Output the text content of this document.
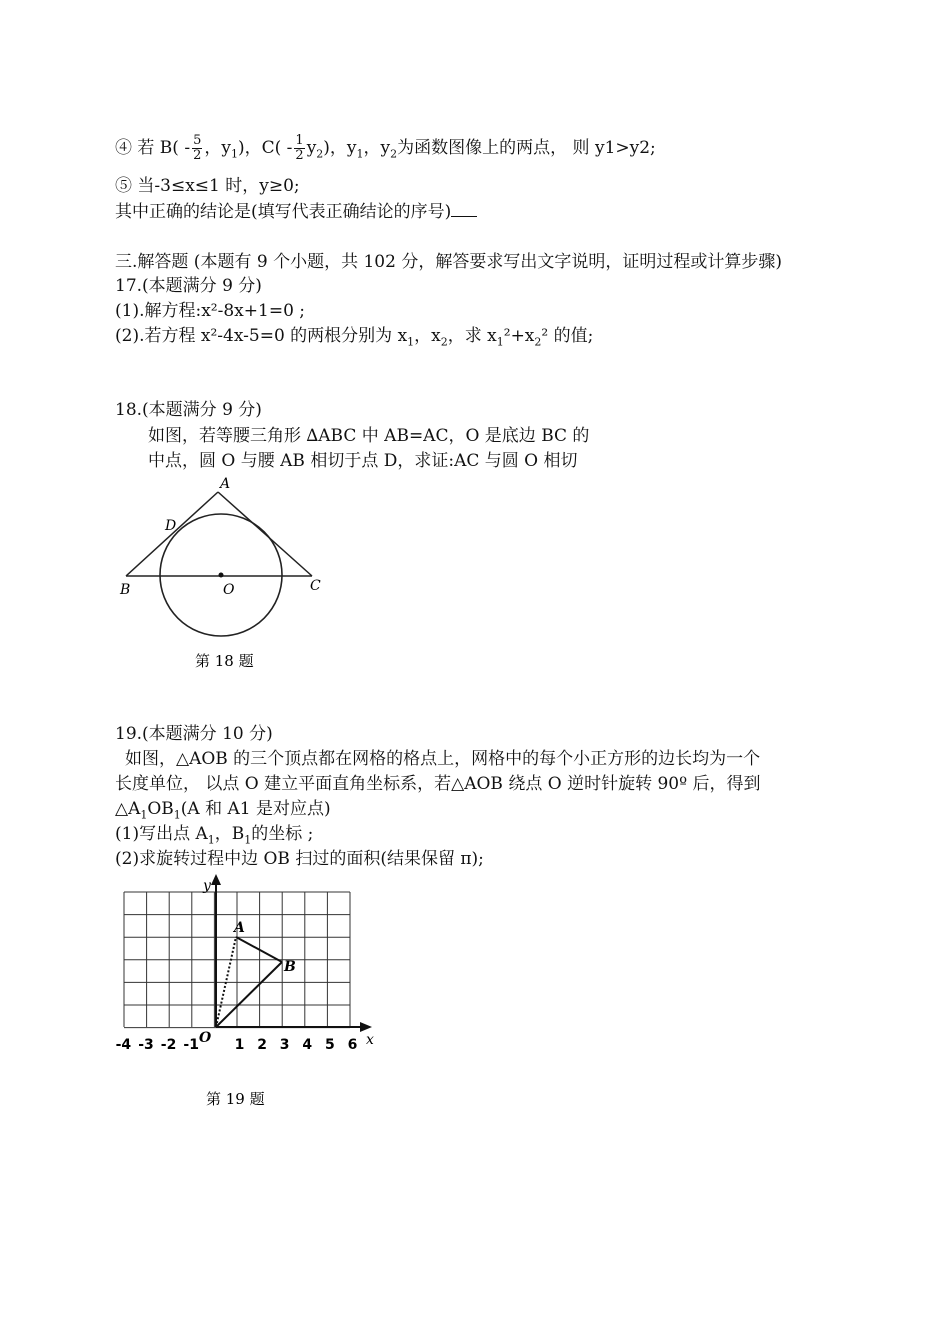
④ 若 $B( - \frac{5}{2}$ ，$y_1$)，$C( - \frac{1}{2} y_2)$，$y_1$，$y_2$为函数图像上的两点， 则 y1>y2;
⑤ 当-3≤x≤1 时，y≥0;
其中正确的结论是(填写代表正确结论的序号)
三.解答题 (本题有 9 个小题，共 102 分，解答要求写出文字说明，证明过程或计算步骤)
17.(本题满分 9 分)
(1).解方程:x²-8x+1=0 ;
(2).若方程 x²-4x-5=0 的两根分别为 $x_1$，$x_2$，求 $x_1^2+x_2^2$ 的值;
18.(本题满分 9 分)
如图，若等腰三角形 ∆ABC 中 AB=AC，O 是底边 BC 的
中点，圆 O 与腰 AB 相切于点 D，求证:AC 与圆 O 相切
A
B	C
D
O
第 18 题
19.(本题满分 10 分)
如图，△AOB 的三个顶点都在网格的格点上，网格中的每个小正方形的边长均为一个
长度单位， 以点 O 建立平面直角坐标系，若△AOB 绕点 O 逆时针旋转 90º 后，得到
$\triangle A_1OB_1(A$ 和 A1 是对应点)
(1)写出点 $A_1$，$B_1$的坐标 ;
(2)求旋转过程中边 OB 扫过的面积(结果保留 π);
y
x
A
B
O
-4 -3 -2 -1	1 2 3 4 5 6
第 19 题
